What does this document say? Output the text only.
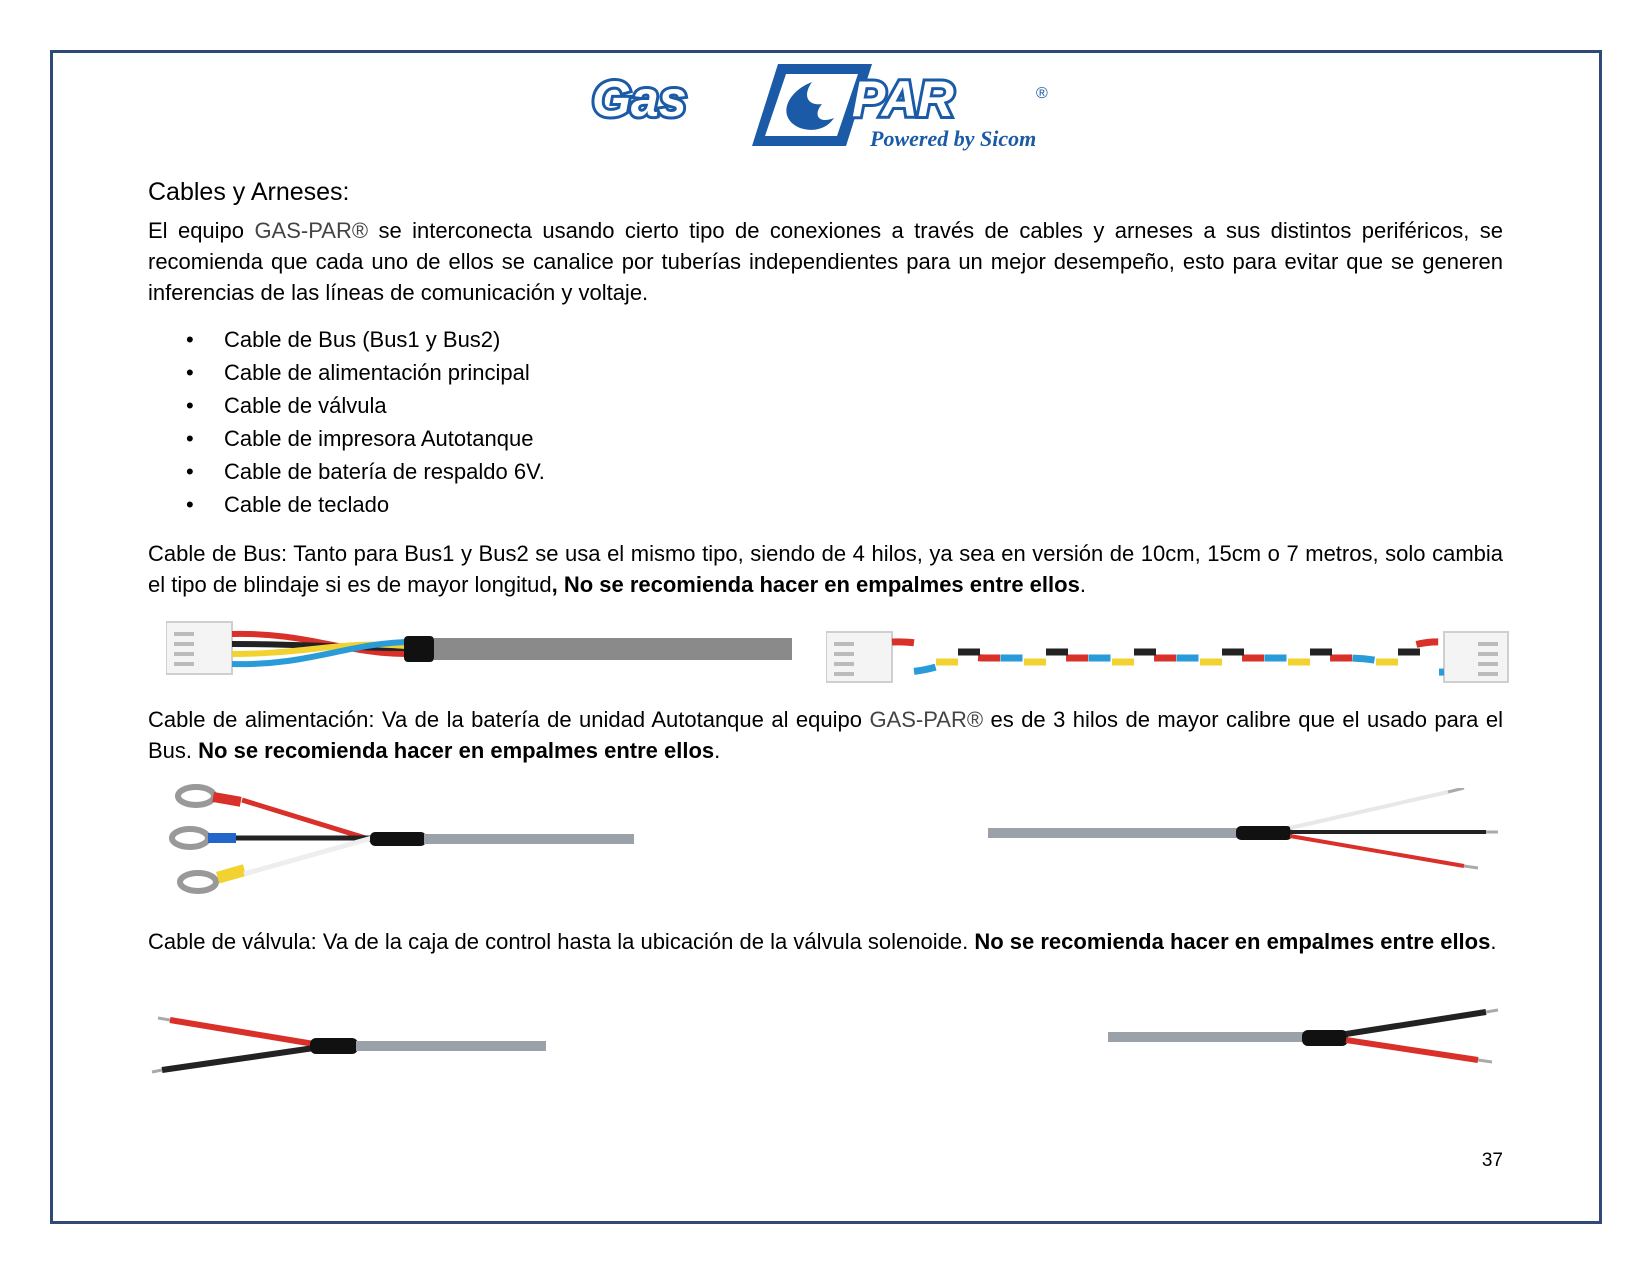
Gas	PAR	®
Powered by Sicom
Cables y Arneses:
El equipo GAS-PAR® se interconecta usando cierto tipo de conexiones a través de cables y arneses a sus distintos periféricos, se recomienda que cada uno de ellos se canalice por tuberías independientes para un mejor desempeño, esto para evitar que se generen inferencias de las líneas de comunicación y voltaje.
• Cable de Bus (Bus1 y Bus2)
• Cable de alimentación principal
• Cable de válvula
• Cable de impresora Autotanque
• Cable de batería de respaldo 6V.
• Cable de teclado
Cable de Bus: Tanto para Bus1 y Bus2 se usa el mismo tipo, siendo de 4 hilos, ya sea en versión de 10cm, 15cm o 7 metros, solo cambia el tipo de blindaje si es de mayor longitud, No se recomienda hacer en empalmes entre ellos.
Cable de alimentación: Va de la batería de unidad Autotanque al equipo GAS-PAR® es de 3 hilos de mayor calibre que el usado para el Bus. No se recomienda hacer en empalmes entre ellos.
Cable de válvula: Va de la caja de control hasta la ubicación de la válvula solenoide. No se recomienda hacer en empalmes entre ellos.
37
